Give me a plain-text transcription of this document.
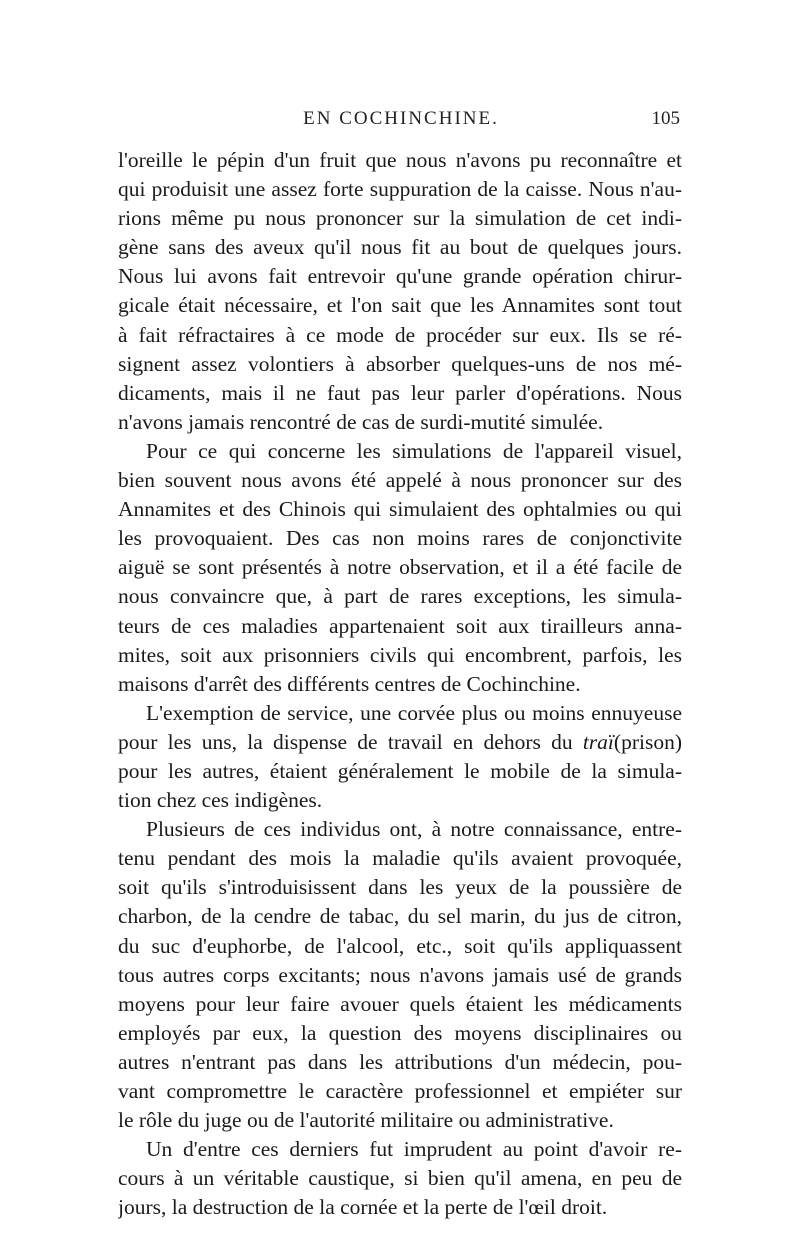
EN COCHINCHINE.	105
l'oreille le pépin d'un fruit que nous n'avons pu reconnaître et
qui produisit une assez forte suppuration de la caisse. Nous n'au-
rions même pu nous prononcer sur la simulation de cet indi-
gène sans des aveux qu'il nous fit au bout de quelques jours.
Nous lui avons fait entrevoir qu'une grande opération chirur-
gicale était nécessaire, et l'on sait que les Annamites sont tout
à fait réfractaires à ce mode de procéder sur eux. Ils se ré-
signent assez volontiers à absorber quelques-uns de nos mé-
dicaments, mais il ne faut pas leur parler d'opérations. Nous
n'avons jamais rencontré de cas de surdi-mutité simulée.
Pour ce qui concerne les simulations de l'appareil visuel,
bien souvent nous avons été appelé à nous prononcer sur des
Annamites et des Chinois qui simulaient des ophtalmies ou qui
les provoquaient. Des cas non moins rares de conjonctivite
aiguë se sont présentés à notre observation, et il a été facile de
nous convaincre que, à part de rares exceptions, les simula-
teurs de ces maladies appartenaient soit aux tirailleurs anna-
mites, soit aux prisonniers civils qui encombrent, parfois, les
maisons d'arrêt des différents centres de Cochinchine.
L'exemption de service, une corvée plus ou moins ennuyeuse
pour les uns, la dispense de travail en dehors du traï(prison)
pour les autres, étaient généralement le mobile de la simula-
tion chez ces indigènes.
Plusieurs de ces individus ont, à notre connaissance, entre-
tenu pendant des mois la maladie qu'ils avaient provoquée,
soit qu'ils s'introduisissent dans les yeux de la poussière de
charbon, de la cendre de tabac, du sel marin, du jus de citron,
du suc d'euphorbe, de l'alcool, etc., soit qu'ils appliquassent
tous autres corps excitants; nous n'avons jamais usé de grands
moyens pour leur faire avouer quels étaient les médicaments
employés par eux, la question des moyens disciplinaires ou
autres n'entrant pas dans les attributions d'un médecin, pou-
vant compromettre le caractère professionnel et empiéter sur
le rôle du juge ou de l'autorité militaire ou administrative.
Un d'entre ces derniers fut imprudent au point d'avoir re-
cours à un véritable caustique, si bien qu'il amena, en peu de
jours, la destruction de la cornée et la perte de l'œil droit.
